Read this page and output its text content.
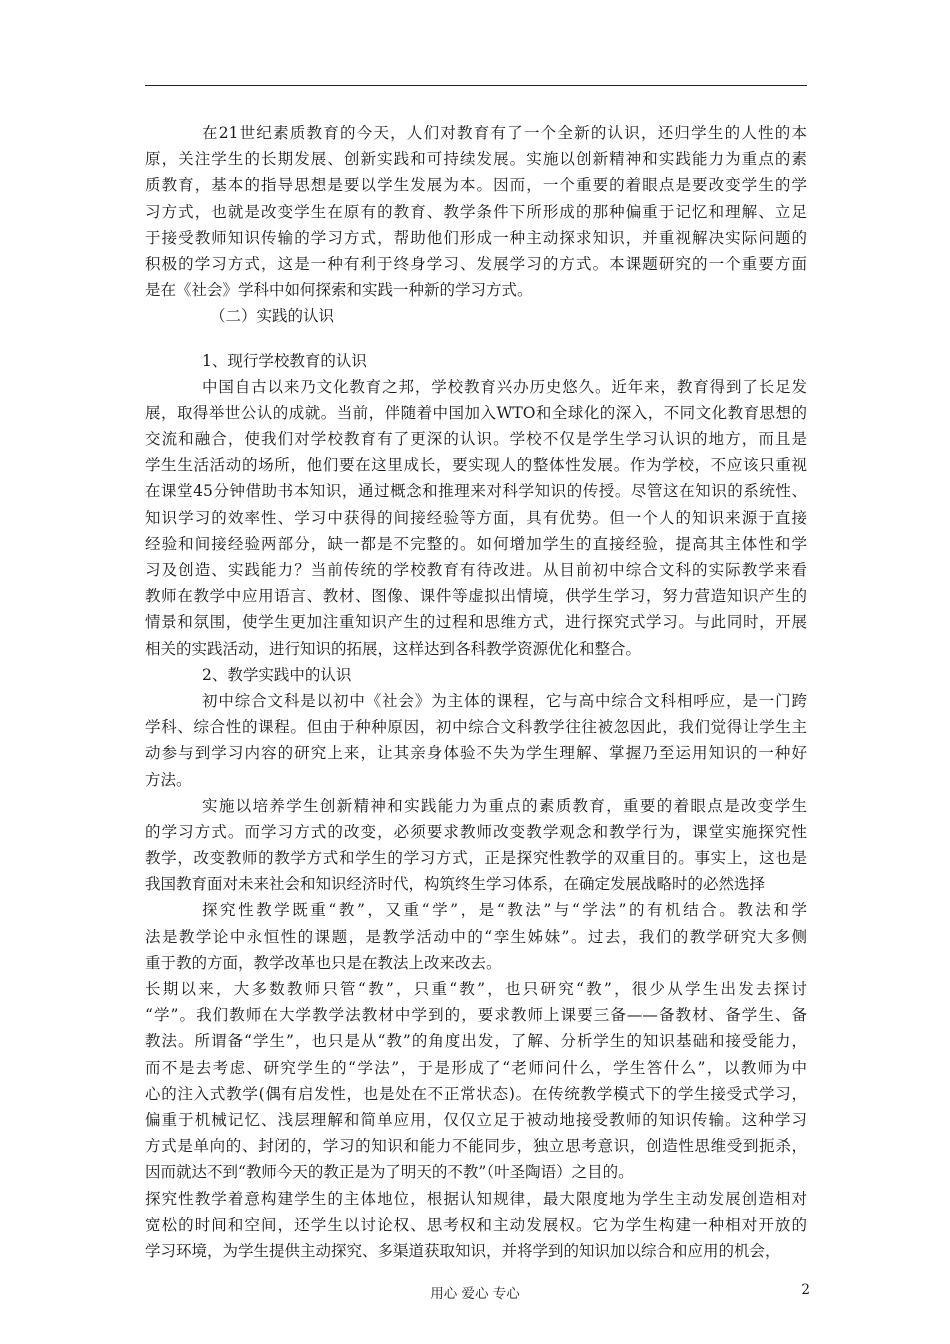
在21世纪素质教育的今天，人们对教育有了一个全新的认识，还归学生的人性的本
原，关注学生的长期发展、创新实践和可持续发展。实施以创新精神和实践能力为重点的素
质教育，基本的指导思想是要以学生发展为本。因而，一个重要的着眼点是要改变学生的学
习方式，也就是改变学生在原有的教育、教学条件下所形成的那种偏重于记忆和理解、立足
于接受教师知识传输的学习方式，帮助他们形成一种主动探求知识，并重视解决实际问题的
积极的学习方式，这是一种有利于终身学习、发展学习的方式。本课题研究的一个重要方面
是在《社会》学科中如何探索和实践一种新的学习方式。
（二）实践的认识
1、现行学校教育的认识
中国自古以来乃文化教育之邦，学校教育兴办历史悠久。近年来，教育得到了长足发
展，取得举世公认的成就。当前，伴随着中国加入WTO和全球化的深入，不同文化教育思想的
交流和融合，使我们对学校教育有了更深的认识。学校不仅是学生学习认识的地方，而且是
学生生活活动的场所，他们要在这里成长，要实现人的整体性发展。作为学校，不应该只重视
在课堂45分钟借助书本知识，通过概念和推理来对科学知识的传授。尽管这在知识的系统性、
知识学习的效率性、学习中获得的间接经验等方面，具有优势。但一个人的知识来源于直接
经验和间接经验两部分，缺一都是不完整的。如何增加学生的直接经验，提高其主体性和学
习及创造、实践能力？当前传统的学校教育有待改进。从目前初中综合文科的实际教学来看
教师在教学中应用语言、教材、图像、课件等虚拟出情境，供学生学习，努力营造知识产生的
情景和氛围，使学生更加注重知识产生的过程和思维方式，进行探究式学习。与此同时，开展
相关的实践活动，进行知识的拓展，这样达到各科教学资源优化和整合。
2、教学实践中的认识
初中综合文科是以初中《社会》为主体的课程，它与高中综合文科相呼应，是一门跨
学科、综合性的课程。但由于种种原因，初中综合文科教学往往被忽因此，我们觉得让学生主
动参与到学习内容的研究上来，让其亲身体验不失为学生理解、掌握乃至运用知识的一种好
方法。
实施以培养学生创新精神和实践能力为重点的素质教育，重要的着眼点是改变学生
的学习方式。而学习方式的改变，必须要求教师改变教学观念和教学行为，课堂实施探究性
教学，改变教师的教学方式和学生的学习方式，正是探究性教学的双重目的。事实上，这也是
我国教育面对未来社会和知识经济时代，构筑终生学习体系，在确定发展战略时的必然选择
探究性教学既重“教”，又重“学”，是“教法”与“学法”的有机结合。教法和学
法是教学论中永恒性的课题，是教学活动中的“孪生姊妹”。过去，我们的教学研究大多侧
重于教的方面，教学改革也只是在教法上改来改去。
长期以来，大多数教师只管“教”，只重“教”，也只研究“教”，很少从学生出发去探讨
“学”。我们教师在大学教学法教材中学到的，要求教师上课要三备——备教材、备学生、备
教法。所谓备“学生”，也只是从“教”的角度出发，了解、分析学生的知识基础和接受能力，
而不是去考虑、研究学生的“学法”，于是形成了“老师问什么，学生答什么”，以教师为中
心的注入式教学(偶有启发性，也是处在不正常状态)。在传统教学模式下的学生接受式学习，
偏重于机械记忆、浅层理解和简单应用，仅仅立足于被动地接受教师的知识传输。这种学习
方式是单向的、封闭的，学习的知识和能力不能同步，独立思考意识，创造性思维受到扼杀，
因而就达不到“教师今天的教正是为了明天的不教”（叶圣陶语）之目的。
探究性教学着意构建学生的主体地位，根据认知规律，最大限度地为学生主动发展创造相对
宽松的时间和空间，还学生以讨论权、思考权和主动发展权。它为学生构建一种相对开放的
学习环境，为学生提供主动探究、多渠道获取知识，并将学到的知识加以综合和应用的机会，
用心 爱心 专心	2
